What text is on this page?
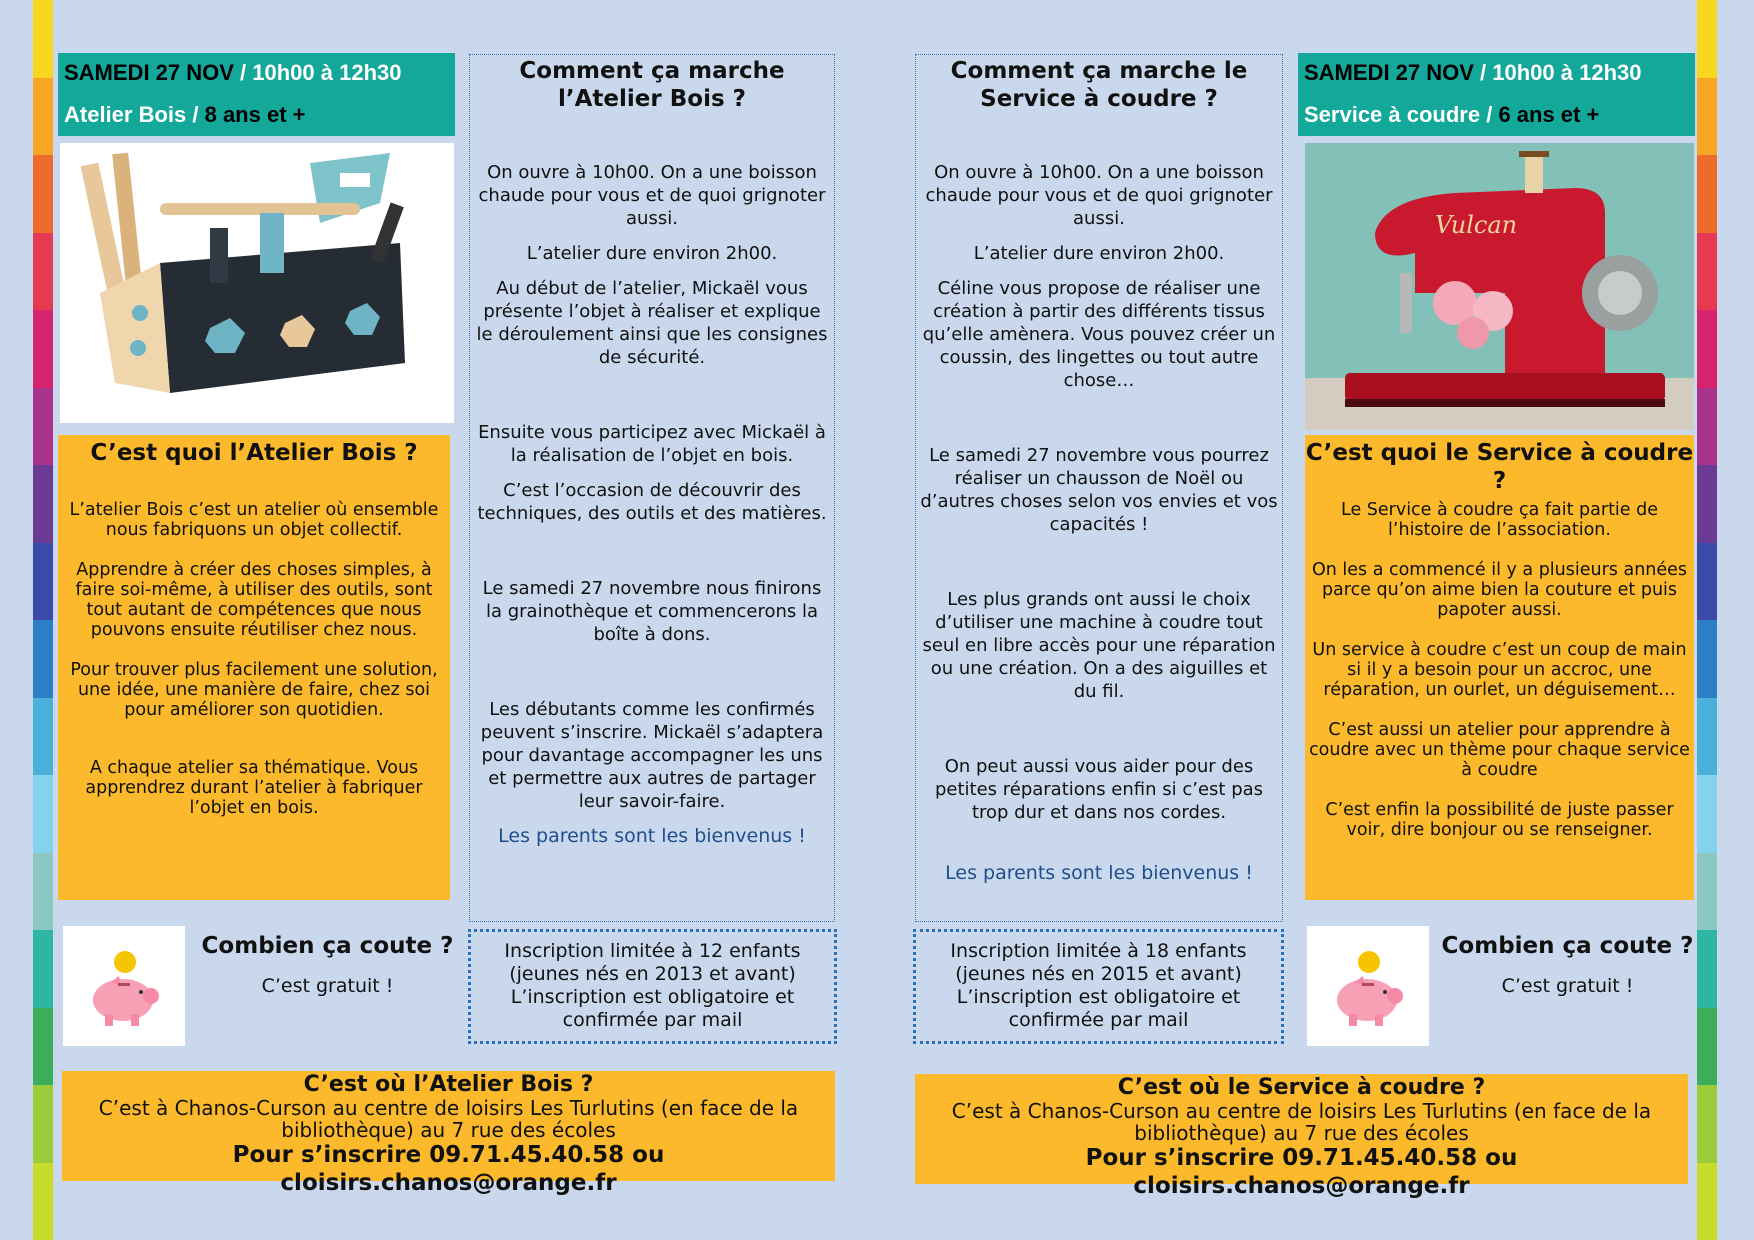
SAMEDI 27 NOV / 10h00 à 12h30
Atelier Bois / 8 ans et +
C’est quoi l’Atelier Bois ?

L’atelier Bois c’est un atelier où ensemble nous fabriquons un objet collectif.

Apprendre à créer des choses simples, à faire soi-même, à utiliser des outils, sont tout autant de compétences que nous pouvons ensuite réutiliser chez nous.

Pour trouver plus facilement une solution, une idée, une manière de faire, chez soi pour améliorer son quotidien.

A chaque atelier sa thématique. Vous apprendrez durant l’atelier à fabriquer l’objet en bois.

Comment ça marche l’Atelier Bois ?

On ouvre à 10h00. On a une boisson chaude pour vous et de quoi grignoter aussi.

L’atelier dure environ 2h00.

Au début de l’atelier, Mickaël vous présente l’objet à réaliser et explique le déroulement ainsi que les consignes de sécurité.

Ensuite vous participez avec Mickaël à la réalisation de l’objet en bois.

C’est l’occasion de découvrir des techniques, des outils et des matières.

Le samedi 27 novembre nous finirons la grainothèque et commencerons la boîte à dons.

Les débutants comme les confirmés peuvent s’inscrire. Mickaël s’adaptera pour davantage accompagner les uns et permettre aux autres de partager leur savoir-faire.

Les parents sont les bienvenus !

Inscription limitée à 12 enfants
(jeunes nés en 2013 et avant)
L’inscription est obligatoire et
confirmée par mail
Combien ça coute ?
C’est gratuit !
C’est où l’Atelier Bois ?
C’est à Chanos-Curson au centre de loisirs Les Turlutins (en face de la bibliothèque) au 7 rue des écoles
Pour s’inscrire 09.71.45.40.58 ou cloisirs.chanos@orange.fr
Comment ça marche le Service à coudre ?

On ouvre à 10h00. On a une boisson chaude pour vous et de quoi grignoter aussi.

L’atelier dure environ 2h00.

Céline vous propose de réaliser une création à partir des différents tissus qu’elle amènera. Vous pouvez créer un coussin, des lingettes ou tout autre chose…

Le samedi 27 novembre vous pourrez réaliser un chausson de Noël ou d’autres choses selon vos envies et vos capacités !

Les plus grands ont aussi le choix d’utiliser une machine à coudre tout seul en libre accès pour une réparation ou une création. On a des aiguilles et du fil.

On peut aussi vous aider pour des petites réparations enfin si c’est pas trop dur et dans nos cordes.

Les parents sont les bienvenus !

Inscription limitée à 18 enfants
(jeunes nés en 2015 et avant)
L’inscription est obligatoire et
confirmée par mail
SAMEDI 27 NOV / 10h00 à 12h30
Service à coudre / 6 ans et +
Vulcan
C’est quoi le Service à coudre ?

Le Service à coudre ça fait partie de l’histoire de l’association.

On les a commencé il y a plusieurs années parce qu’on aime bien la couture et puis papoter aussi.

Un service à coudre c’est un coup de main si il y a besoin pour un accroc, une réparation, un ourlet, un déguisement…

C’est aussi un atelier pour apprendre à coudre avec un thème pour chaque service à coudre

C’est enfin la possibilité de juste passer voir, dire bonjour ou se renseigner.

Combien ça coute ?
C’est gratuit !
C’est où le Service à coudre ?
C’est à Chanos-Curson au centre de loisirs Les Turlutins (en face de la bibliothèque) au 7 rue des écoles
Pour s’inscrire 09.71.45.40.58 ou cloisirs.chanos@orange.fr
